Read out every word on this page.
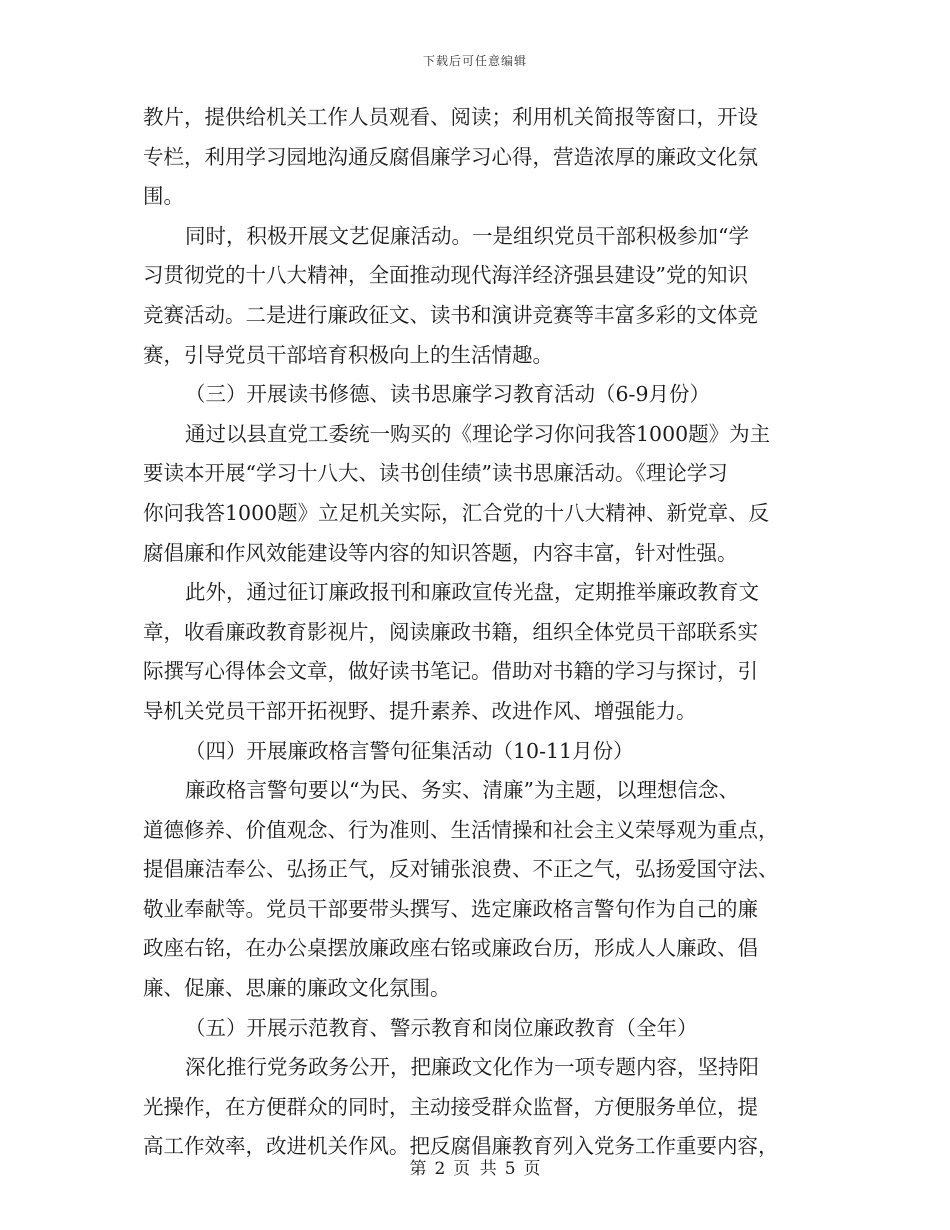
下载后可任意编辑
教片，提供给机关工作人员观看、阅读；利用机关简报等窗口，开设
专栏，利用学习园地沟通反腐倡廉学习心得，营造浓厚的廉政文化氛
围。
同时，积极开展文艺促廉活动。一是组织党员干部积极参加“学
习贯彻党的十八大精神，全面推动现代海洋经济强县建设”党的知识
竞赛活动。二是进行廉政征文、读书和演讲竞赛等丰富多彩的文体竞
赛，引导党员干部培育积极向上的生活情趣。
（三）开展读书修德、读书思廉学习教育活动（6-9月份）
通过以县直党工委统一购买的《理论学习你问我答1000题》为主
要读本开展“学习十八大、读书创佳绩”读书思廉活动。《理论学习
你问我答1000题》立足机关实际，汇合党的十八大精神、新党章、反
腐倡廉和作风效能建设等内容的知识答题，内容丰富，针对性强。
此外，通过征订廉政报刊和廉政宣传光盘，定期推举廉政教育文
章，收看廉政教育影视片，阅读廉政书籍，组织全体党员干部联系实
际撰写心得体会文章，做好读书笔记。借助对书籍的学习与探讨，引
导机关党员干部开拓视野、提升素养、改进作风、增强能力。
（四）开展廉政格言警句征集活动（10-11月份）
廉政格言警句要以“为民、务实、清廉”为主题，以理想信念、
道德修养、价值观念、行为准则、生活情操和社会主义荣辱观为重点，
提倡廉洁奉公、弘扬正气，反对铺张浪费、不正之气，弘扬爱国守法、
敬业奉献等。党员干部要带头撰写、选定廉政格言警句作为自己的廉
政座右铭，在办公桌摆放廉政座右铭或廉政台历，形成人人廉政、倡
廉、促廉、思廉的廉政文化氛围。
（五）开展示范教育、警示教育和岗位廉政教育（全年）
深化推行党务政务公开，把廉政文化作为一项专题内容，坚持阳
光操作，在方便群众的同时，主动接受群众监督，方便服务单位，提
高工作效率，改进机关作风。把反腐倡廉教育列入党务工作重要内容，
第 2 页 共 5 页
